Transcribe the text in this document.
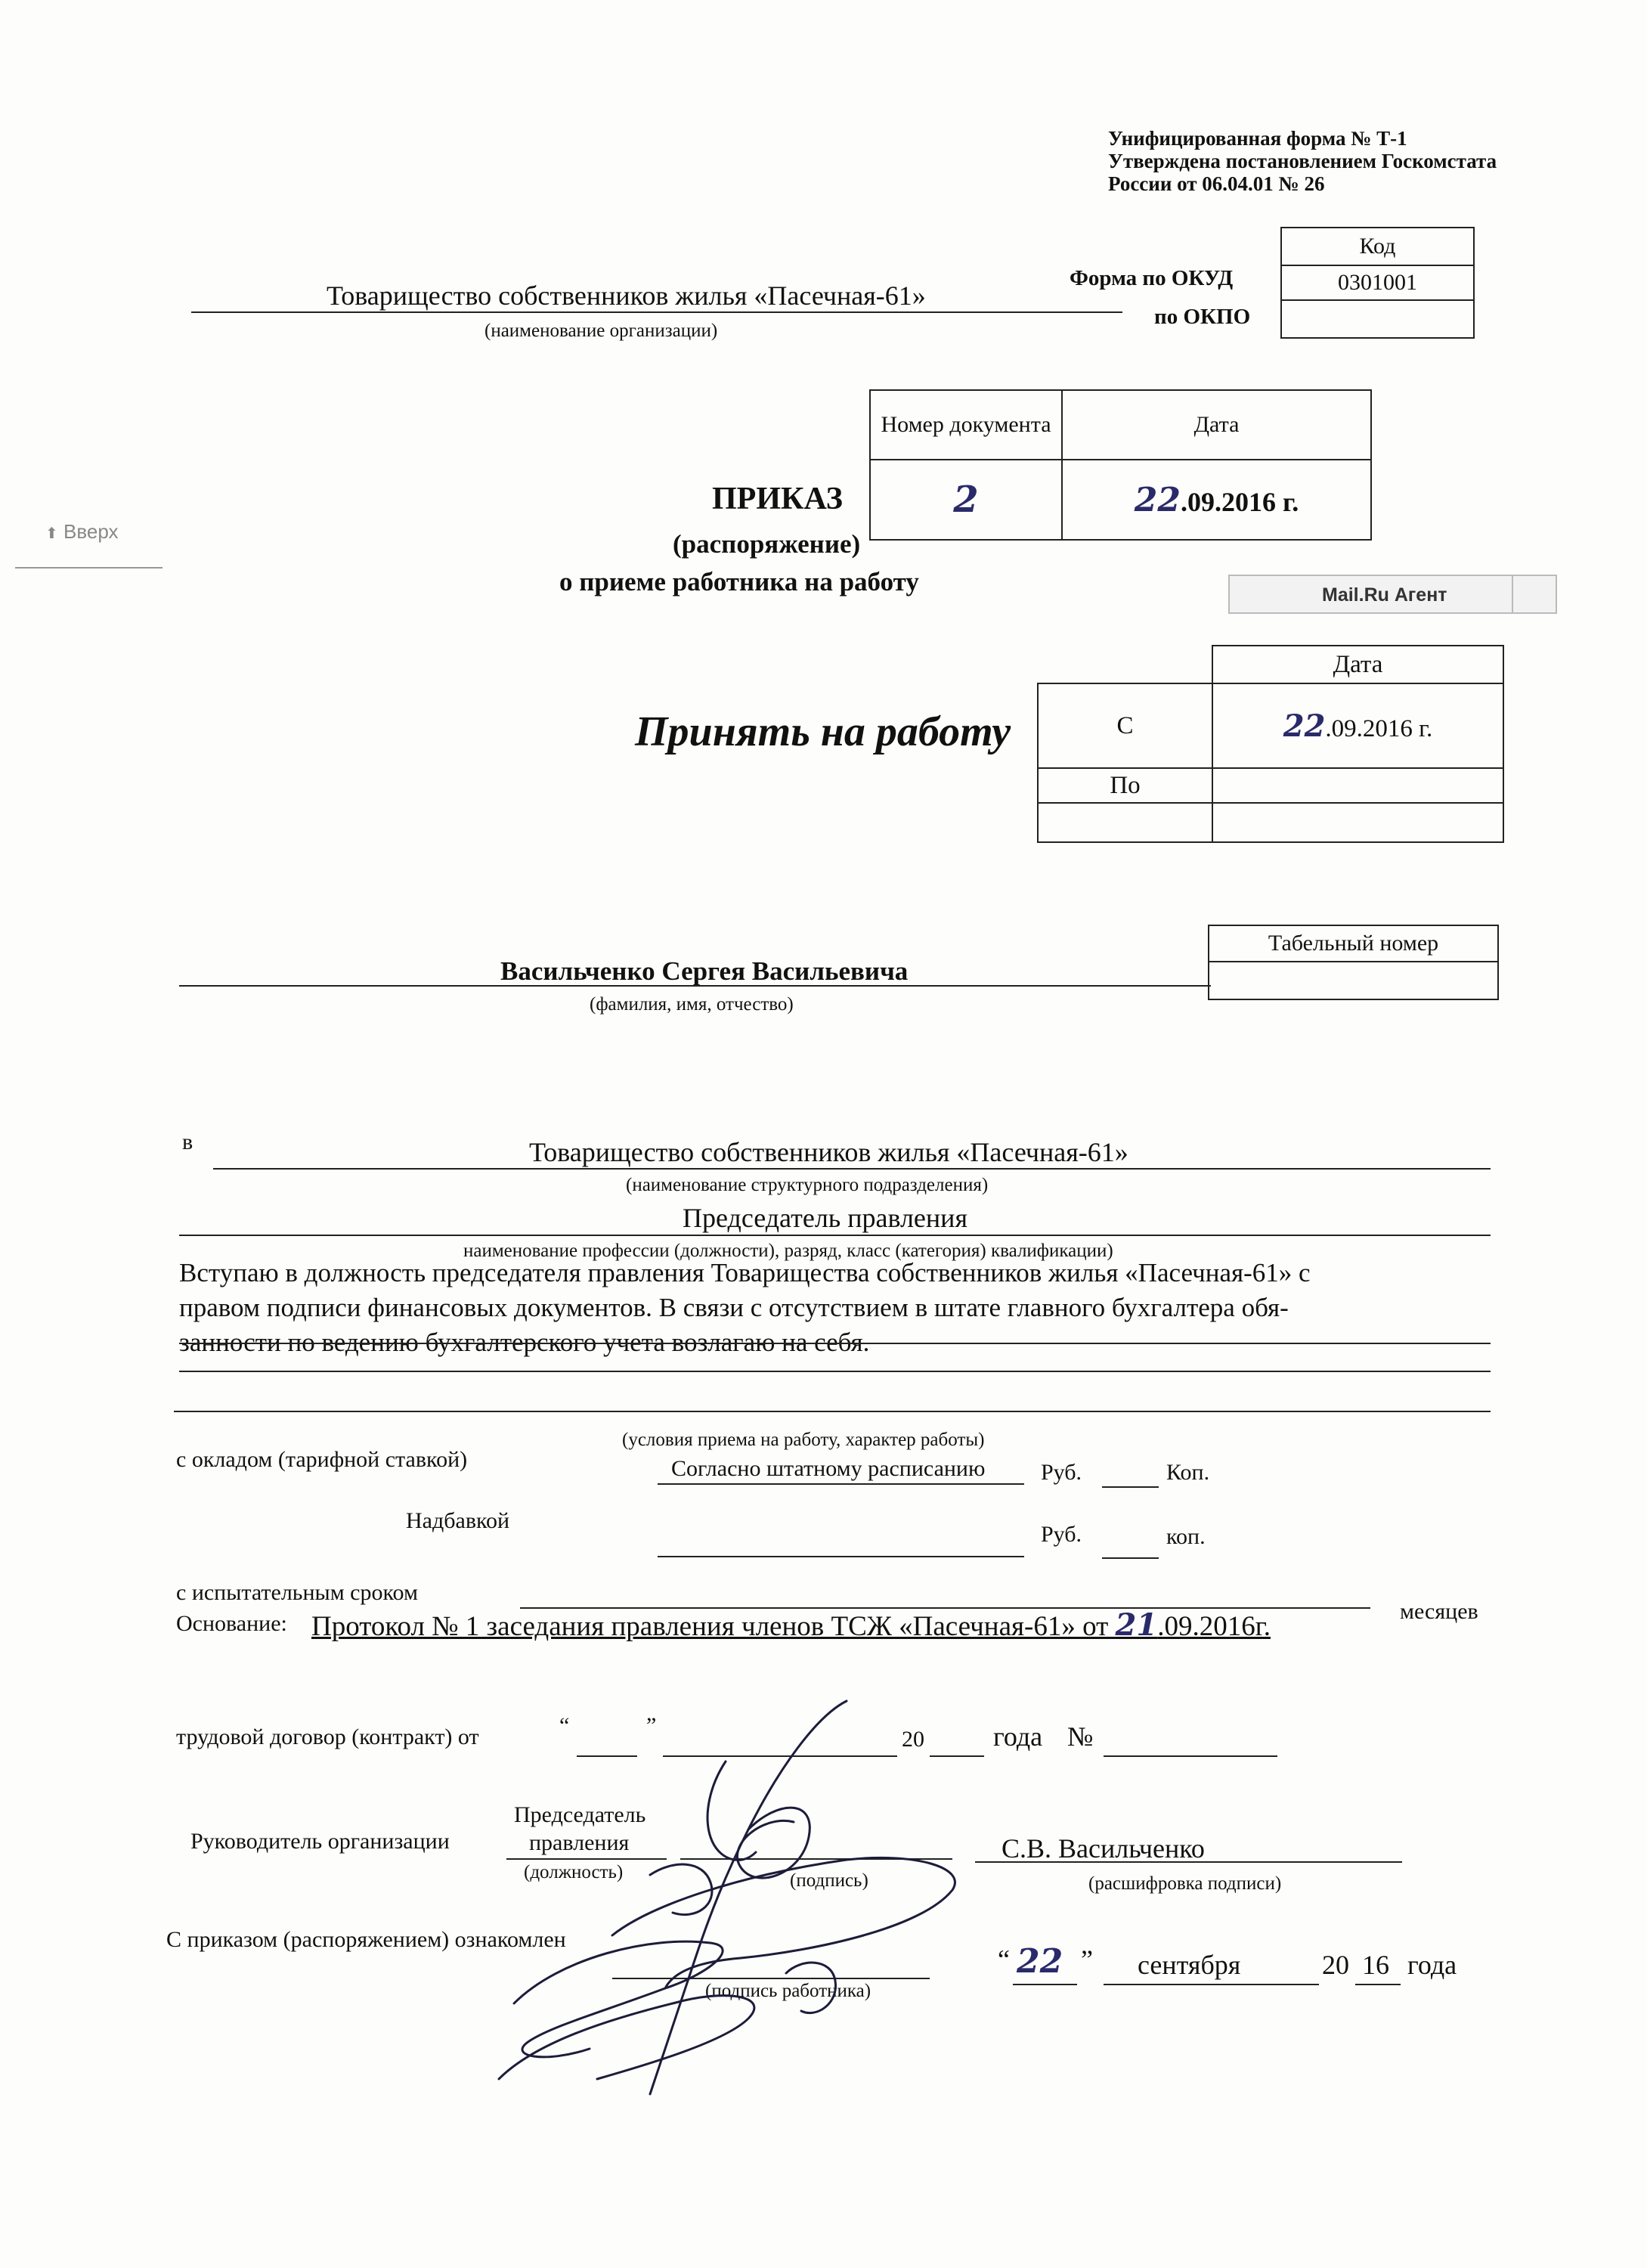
⬆ Вверх
Mail.Ru Агент
Унифицированная форма № Т-1
Утверждена постановлением Госкомстата
России от 06.04.01 № 26
Код
0301001

Форма по ОКУД
по ОКПО
Товарищество собственников жилья «Пасечная-61»
(наименование организации)
Номер документа	Дата
2	22.09.2016 г.
ПРИКАЗ
(распоряжение)
о приеме работника на работу
Принять на работу
	Дата
С	22.09.2016 г.
По	

Табельный номер

Васильченко Сергея Васильевича
(фамилия, имя, отчество)
в	Товарищество собственников жилья «Пасечная-61»
(наименование структурного подразделения)
Председатель правления
наименование профессии (должности), разряд, класс (категория) квалификации)
Вступаю в должность председателя правления Товарищества собственников жилья «Пасечная-61» с
правом подписи финансовых документов. В связи с отсутствием в штате главного бухгалтера обя-
занности по ведению бухгалтерского учета возлагаю на себя.
(условия приема на работу, характер работы)
с окладом (тарифной ставкой)	Согласно штатному расписанию Руб.	Коп.
Надбавкой
Руб.	коп.
с испытательным сроком
месяцев
Основание: Протокол № 1 заседания правления членов ТСЖ «Пасечная-61» от 21.09.2016г.
трудовой договор (контракт) от	“	”
20	года №
Руководитель организации
Председатель
правления
(должность)	(подпись)
С.В. Васильченко
(расшифровка подписи)
С приказом (распоряжением) ознакомлен
(подпись работника)
“ 22 ” сентября	20 16 года
